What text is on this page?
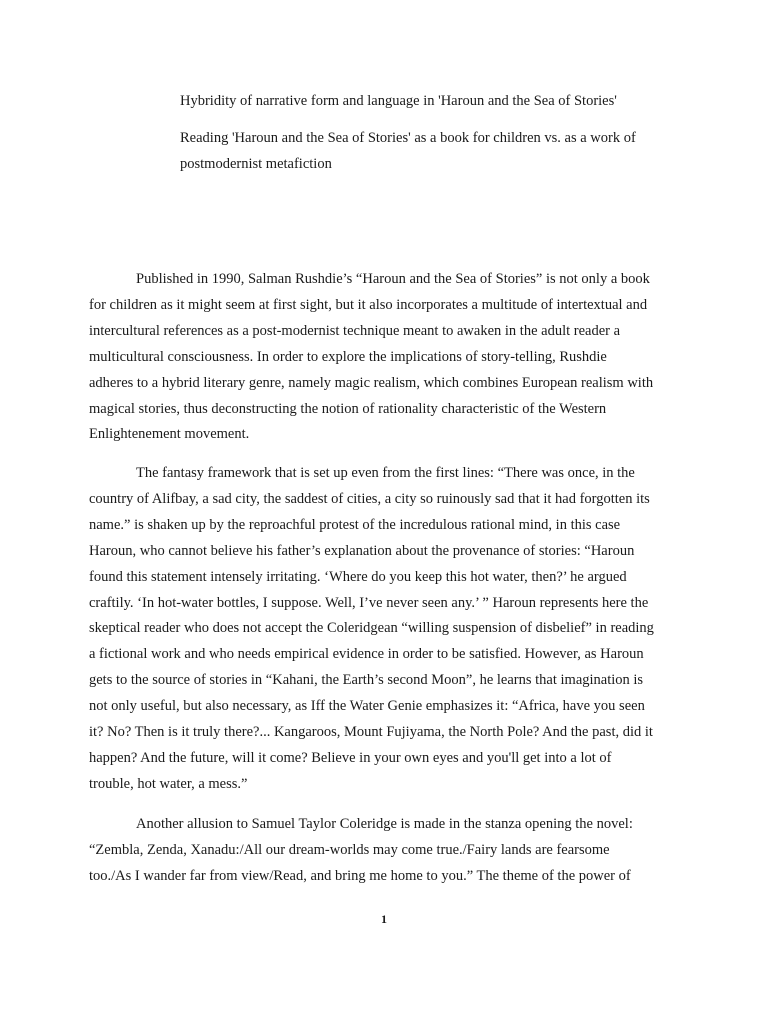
Hybridity of narrative form and language in 'Haroun and the Sea of Stories'
Reading 'Haroun and the Sea of Stories' as a book for children vs. as a work of
postmodernist metafiction

Published in 1990, Salman Rushdie’s “Haroun and the Sea of Stories” is not only a book
for children as it might seem at first sight, but it also incorporates a multitude of intertextual and
intercultural references as a post-modernist technique meant to awaken in the adult reader a
multicultural consciousness. In order to explore the implications of story-telling, Rushdie
adheres to a hybrid literary genre, namely magic realism, which combines European realism with
magical stories, thus deconstructing the notion of rationality characteristic of the Western
Enlightenement movement.

The fantasy framework that is set up even from the first lines: “There was once, in the
country of Alifbay, a sad city, the saddest of cities, a city so ruinously sad that it had forgotten its
name.” is shaken up by the reproachful protest of the incredulous rational mind, in this case
Haroun, who cannot believe his father’s explanation about the provenance of stories: “Haroun
found this statement intensely irritating. ‘Where do you keep this hot water, then?’ he argued
craftily. ‘In hot-water bottles, I suppose. Well, I’ve never seen any.’ ” Haroun represents here the
skeptical reader who does not accept the Coleridgean “willing suspension of disbelief” in reading
a fictional work and who needs empirical evidence in order to be satisfied. However, as Haroun
gets to the source of stories in “Kahani, the Earth’s second Moon”, he learns that imagination is
not only useful, but also necessary, as Iff the Water Genie emphasizes it: “Africa, have you seen
it? No? Then is it truly there?... Kangaroos, Mount Fujiyama, the North Pole? And the past, did it
happen? And the future, will it come? Believe in your own eyes and you'll get into a lot of
trouble, hot water, a mess.”

Another allusion to Samuel Taylor Coleridge is made in the stanza opening the novel:
“Zembla, Zenda, Xanadu:/All our dream-worlds may come true./Fairy lands are fearsome
too./As I wander far from view/Read, and bring me home to you.” The theme of the power of

1
